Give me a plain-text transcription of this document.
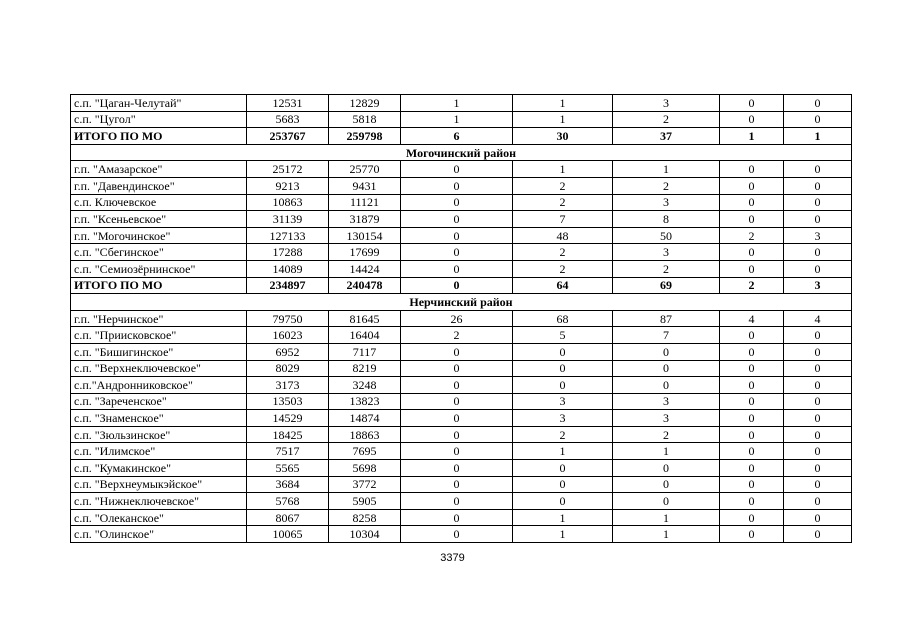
с.п. "Цаган-Челутай"	12531	12829	1	1	3	0	0
с.п. "Цугол"	5683	5818	1	1	2	0	0
ИТОГО ПО МО	253767	259798	6	30	37	1	1
Могочинский район							
г.п. "Амазарское"	25172	25770	0	1	1	0	0
г.п. "Давендинское"	9213	9431	0	2	2	0	0
с.п. Ключевское	10863	11121	0	2	3	0	0
г.п. "Ксеньевское"	31139	31879	0	7	8	0	0
г.п. "Могочинское"	127133	130154	0	48	50	2	3
с.п. "Сбегинское"	17288	17699	0	2	3	0	0
с.п. "Семиозёрнинское"	14089	14424	0	2	2	0	0
ИТОГО ПО МО	234897	240478	0	64	69	2	3
Нерчинский район							
г.п. "Нерчинское"	79750	81645	26	68	87	4	4
с.п. "Приисковское"	16023	16404	2	5	7	0	0
с.п. "Бишигинское"	6952	7117	0	0	0	0	0
с.п. "Верхнеключевское"	8029	8219	0	0	0	0	0
с.п."Андронниковское"	3173	3248	0	0	0	0	0
с.п. "Зареченское"	13503	13823	0	3	3	0	0
с.п. "Знаменское"	14529	14874	0	3	3	0	0
с.п. "Зюльзинское"	18425	18863	0	2	2	0	0
с.п. "Илимское"	7517	7695	0	1	1	0	0
с.п. "Кумакинское"	5565	5698	0	0	0	0	0
с.п. "Верхнеумыкэйское"	3684	3772	0	0	0	0	0
с.п. "Нижнеключевское"	5768	5905	0	0	0	0	0
с.п. "Олеканское"	8067	8258	0	1	1	0	0
с.п. "Олинское"	10065	10304	0	1	1	0	0
3379
